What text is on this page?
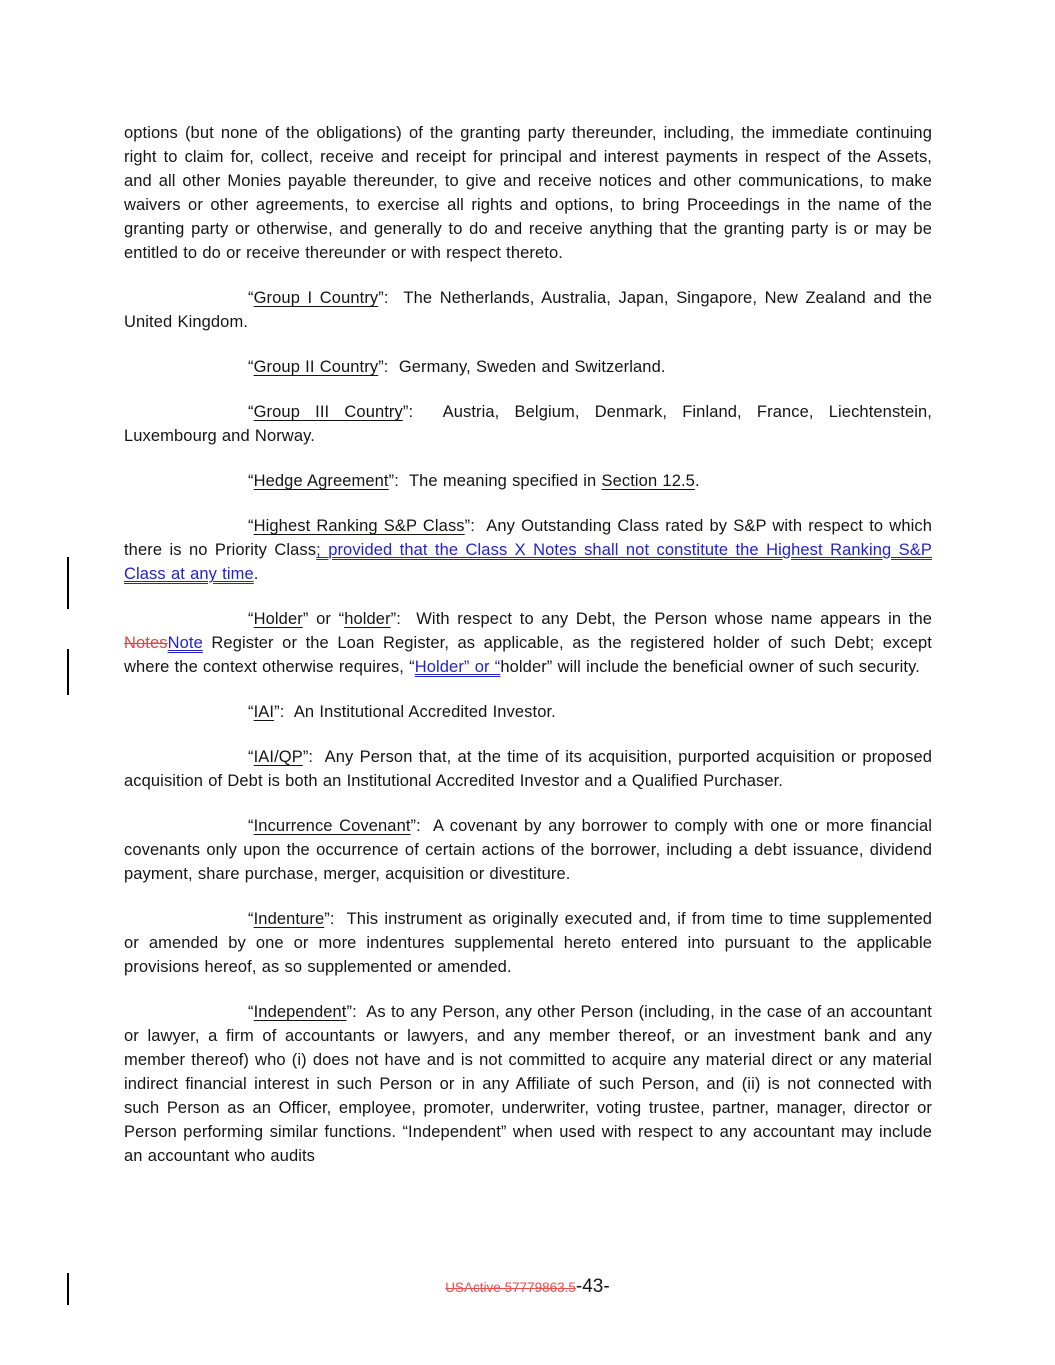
options (but none of the obligations) of the granting party thereunder, including, the immediate continuing right to claim for, collect, receive and receipt for principal and interest payments in respect of the Assets, and all other Monies payable thereunder, to give and receive notices and other communications, to make waivers or other agreements, to exercise all rights and options, to bring Proceedings in the name of the granting party or otherwise, and generally to do and receive anything that the granting party is or may be entitled to do or receive thereunder or with respect thereto.

“Group I Country”:  The Netherlands, Australia, Japan, Singapore, New Zealand and the United Kingdom.

“Group II Country”:  Germany, Sweden and Switzerland.

“Group III Country”:  Austria, Belgium, Denmark, Finland, France, Liechtenstein, Luxembourg and Norway.

“Hedge Agreement”:  The meaning specified in Section 12.5.

“Highest Ranking S&P Class”:  Any Outstanding Class rated by S&P with respect to which there is no Priority Class; provided that the Class X Notes shall not constitute the Highest Ranking S&P Class at any time.

“Holder” or “holder”:  With respect to any Debt, the Person whose name appears in the NotesNote Register or the Loan Register, as applicable, as the registered holder of such Debt; except where the context otherwise requires, “Holder” or “holder” will include the beneficial owner of such security.

“IAI”:  An Institutional Accredited Investor.

“IAI/QP”:  Any Person that, at the time of its acquisition, purported acquisition or proposed acquisition of Debt is both an Institutional Accredited Investor and a Qualified Purchaser.

“Incurrence Covenant”:  A covenant by any borrower to comply with one or more financial covenants only upon the occurrence of certain actions of the borrower, including a debt issuance, dividend payment, share purchase, merger, acquisition or divestiture.

“Indenture”:  This instrument as originally executed and, if from time to time supplemented or amended by one or more indentures supplemental hereto entered into pursuant to the applicable provisions hereof, as so supplemented or amended.

“Independent”:  As to any Person, any other Person (including, in the case of an accountant or lawyer, a firm of accountants or lawyers, and any member thereof, or an investment bank and any member thereof) who (i) does not have and is not committed to acquire any material direct or any material indirect financial interest in such Person or in any Affiliate of such Person, and (ii) is not connected with such Person as an Officer, employee, promoter, underwriter, voting trustee, partner, manager, director or Person performing similar functions. “Independent” when used with respect to any accountant may include an accountant who audits

USActive 57779863.5-43-
